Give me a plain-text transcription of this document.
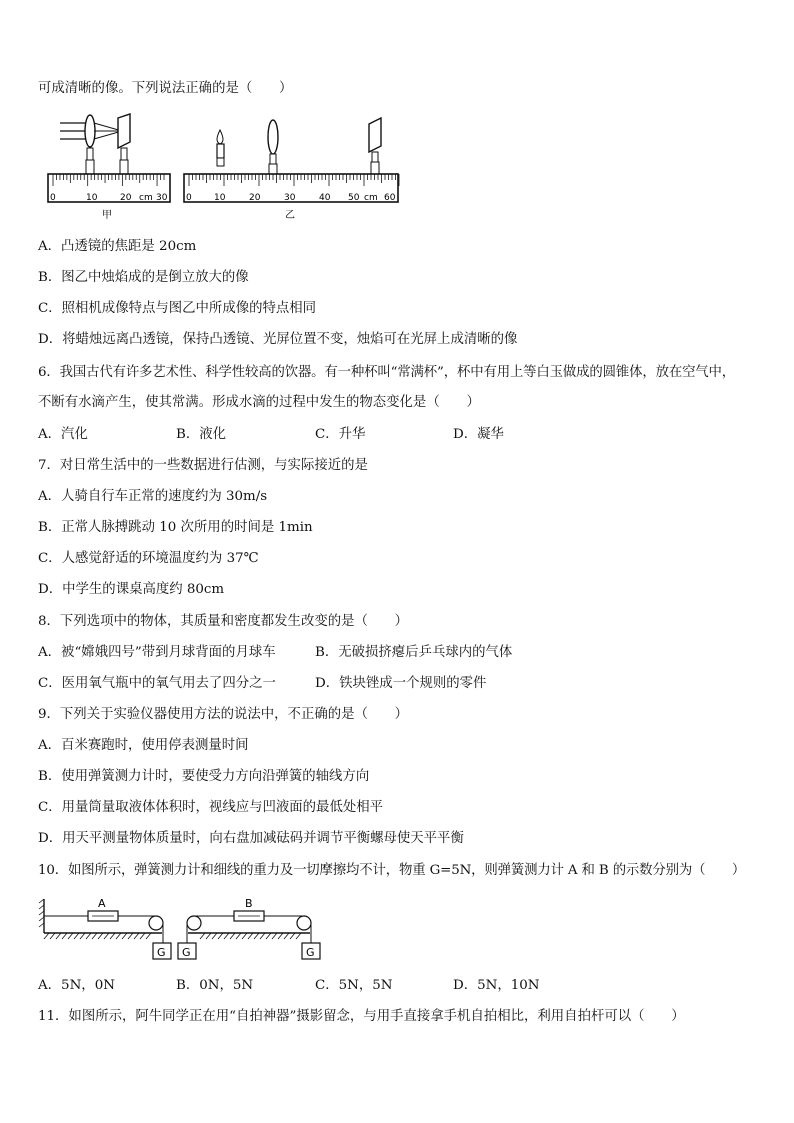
可成清晰的像。下列说法正确的是（　　）
0	10	20 cm 30
甲
0 10	20	30	40 50 cm 60
乙
A．凸透镜的焦距是 20cm
B．图乙中烛焰成的是倒立放大的像
C．照相机成像特点与图乙中所成像的特点相同
D．将蜡烛远离凸透镜，保持凸透镜、光屏位置不变，烛焰可在光屏上成清晰的像
6．我国古代有许多艺术性、科学性较高的饮器。有一种杯叫“常满杯”，杯中有用上等白玉做成的圆锥体，放在空气中，
不断有水滴产生，使其常满。形成水滴的过程中发生的物态变化是（　　）
A．汽化	B．液化	C．升华	D．凝华
7．对日常生活中的一些数据进行估测，与实际接近的是
A．人骑自行车正常的速度约为 30m/s
B．正常人脉搏跳动 10 次所用的时间是 1min
C．人感觉舒适的环境温度约为 37℃
D．中学生的课桌高度约 80cm
8．下列选项中的物体，其质量和密度都发生改变的是（　　）
A．被“嫦娥四号”带到月球背面的月球车	B．无破损挤瘪后乒乓球内的气体
C．医用氧气瓶中的氧气用去了四分之一	D．铁块锉成一个规则的零件
9．下列关于实验仪器使用方法的说法中，不正确的是（　　）
A．百米赛跑时，使用停表测量时间
B．使用弹簧测力计时，要使受力方向沿弹簧的轴线方向
C．用量筒量取液体体积时，视线应与凹液面的最低处相平
D．用天平测量物体质量时，向右盘加减砝码并调节平衡螺母使天平平衡
10．如图所示，弹簧测力计和细线的重力及一切摩擦均不计，物重 G=5N，则弹簧测力计 A 和 B 的示数分别为（　　）
A
G
B
G	G
A．5N，0N	B．0N，5N	C．5N，5N	D．5N，10N
11．如图所示，阿牛同学正在用“自拍神器”摄影留念，与用手直接拿手机自拍相比，利用自拍杆可以（　　）
